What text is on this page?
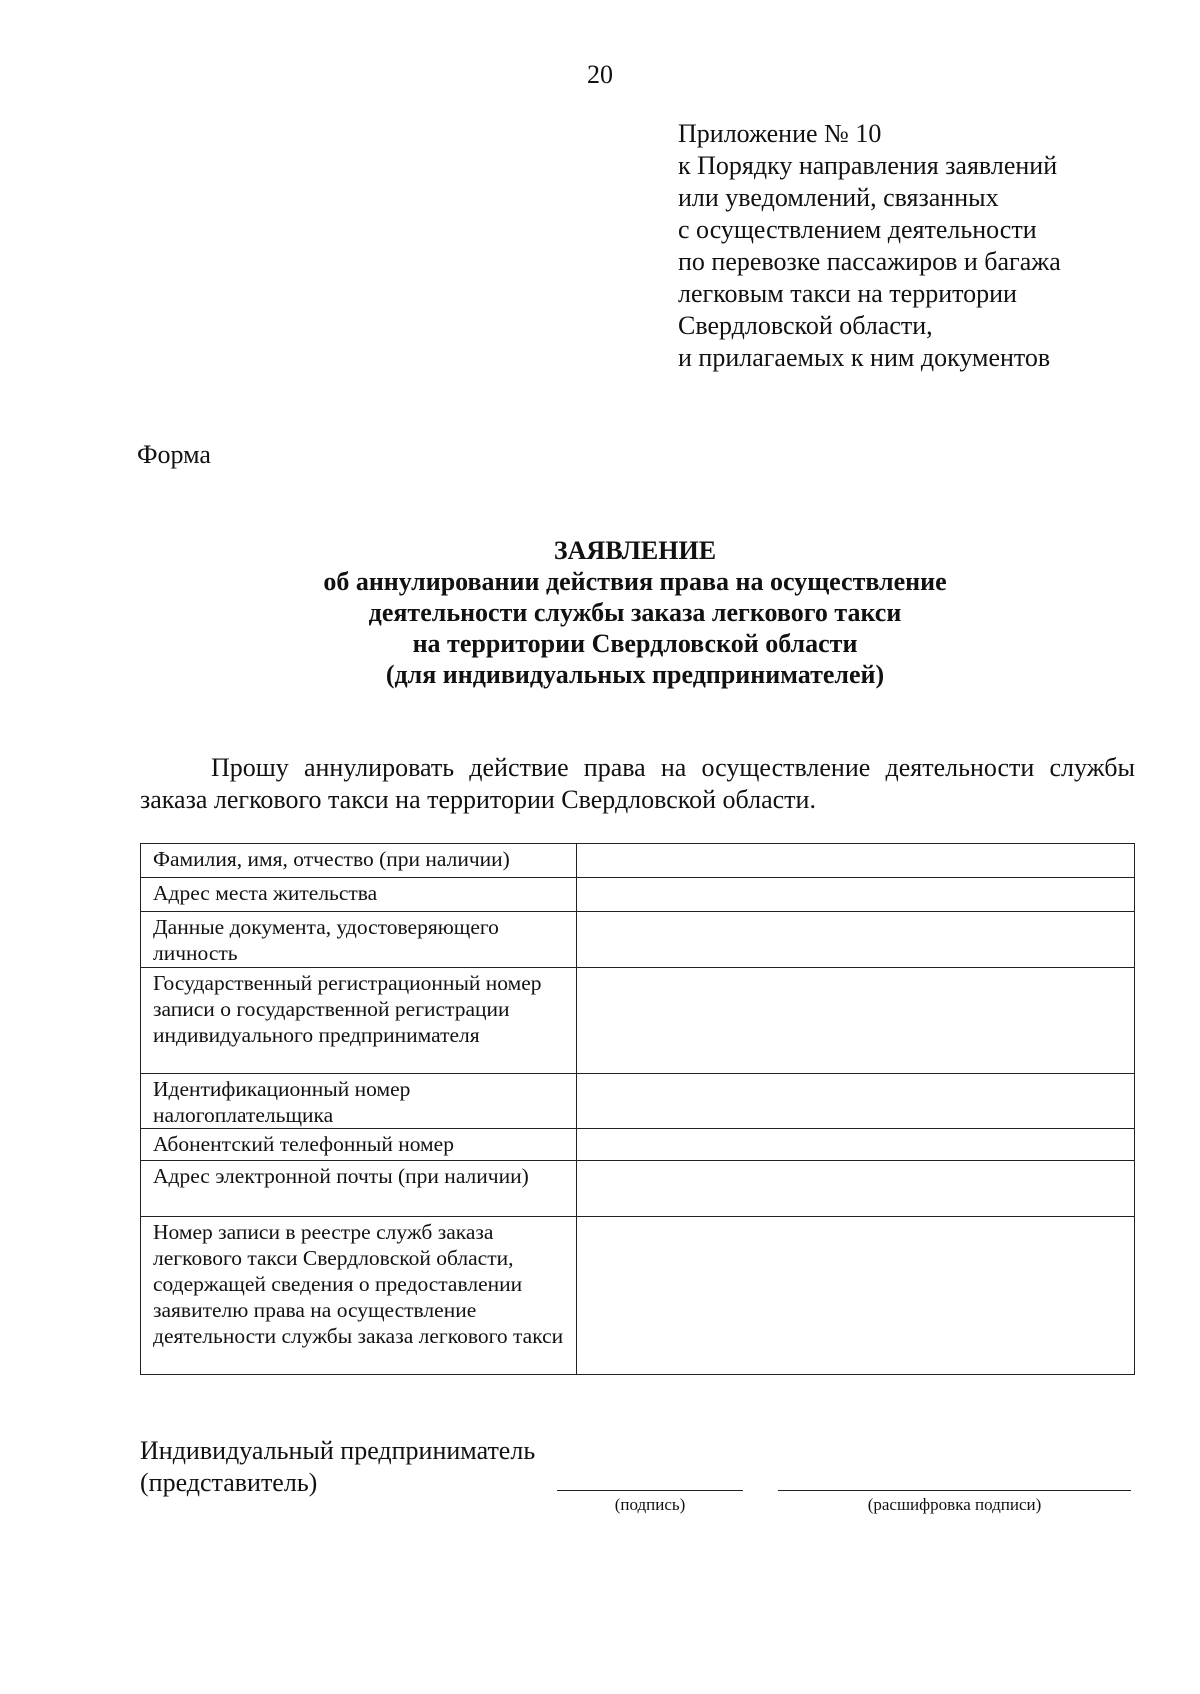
20
Приложение № 10
к Порядку направления заявлений
или уведомлений, связанных
с осуществлением деятельности
по перевозке пассажиров и багажа
легковым такси на территории
Свердловской области,
и прилагаемых к ним документов
Форма
ЗАЯВЛЕНИЕ
об аннулировании действия права на осуществление
деятельности службы заказа легкового такси
на территории Свердловской области
(для индивидуальных предпринимателей)
Прошу аннулировать действие права на осуществление деятельности службы заказа легкового такси на территории Свердловской области.
Фамилия, имя, отчество (при наличии)	
Адрес места жительства	
Данные документа, удостоверяющего личность	
Государственный регистрационный номер записи о государственной регистрации индивидуального предпринимателя	
Идентификационный номер налогоплательщика	
Абонентский телефонный номер	
Адрес электронной почты (при наличии)	
Номер записи в реестре служб заказа легкового такси Свердловской области, содержащей сведения о предоставлении заявителю права на осуществление деятельности службы заказа легкового такси	
Индивидуальный предприниматель
(представитель)
(подпись)	(расшифровка подписи)
